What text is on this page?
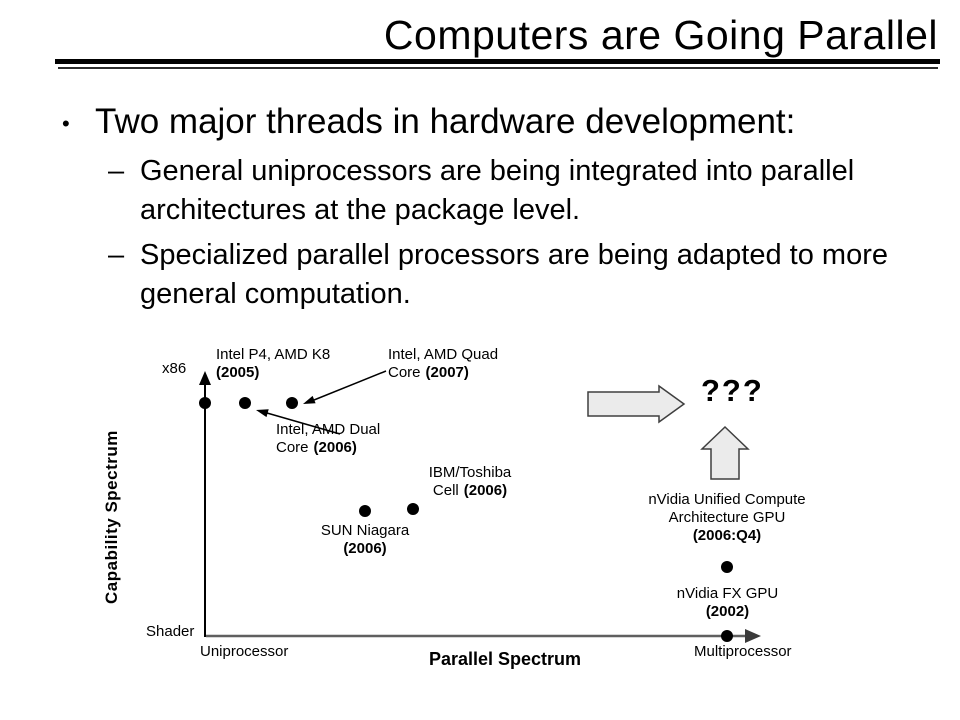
Computers are Going Parallel
• Two major threads in hardware development:
– General uniprocessors are being integrated into parallel architectures at the package level.
– Specialized parallel processors are being adapted to more general computation.
Capability Spectrum
Parallel Spectrum
x86
Shader
Uniprocessor	Multiprocessor
Intel P4, AMD K8
(2005)
Intel, AMD Quad
Core (2007)
Intel, AMD Dual
Core (2006)
IBM/Toshiba
Cell (2006)
SUN Niagara
(2006)
nVidia Unified Compute
Architecture GPU
(2006:Q4)
nVidia FX GPU
(2002)
???
